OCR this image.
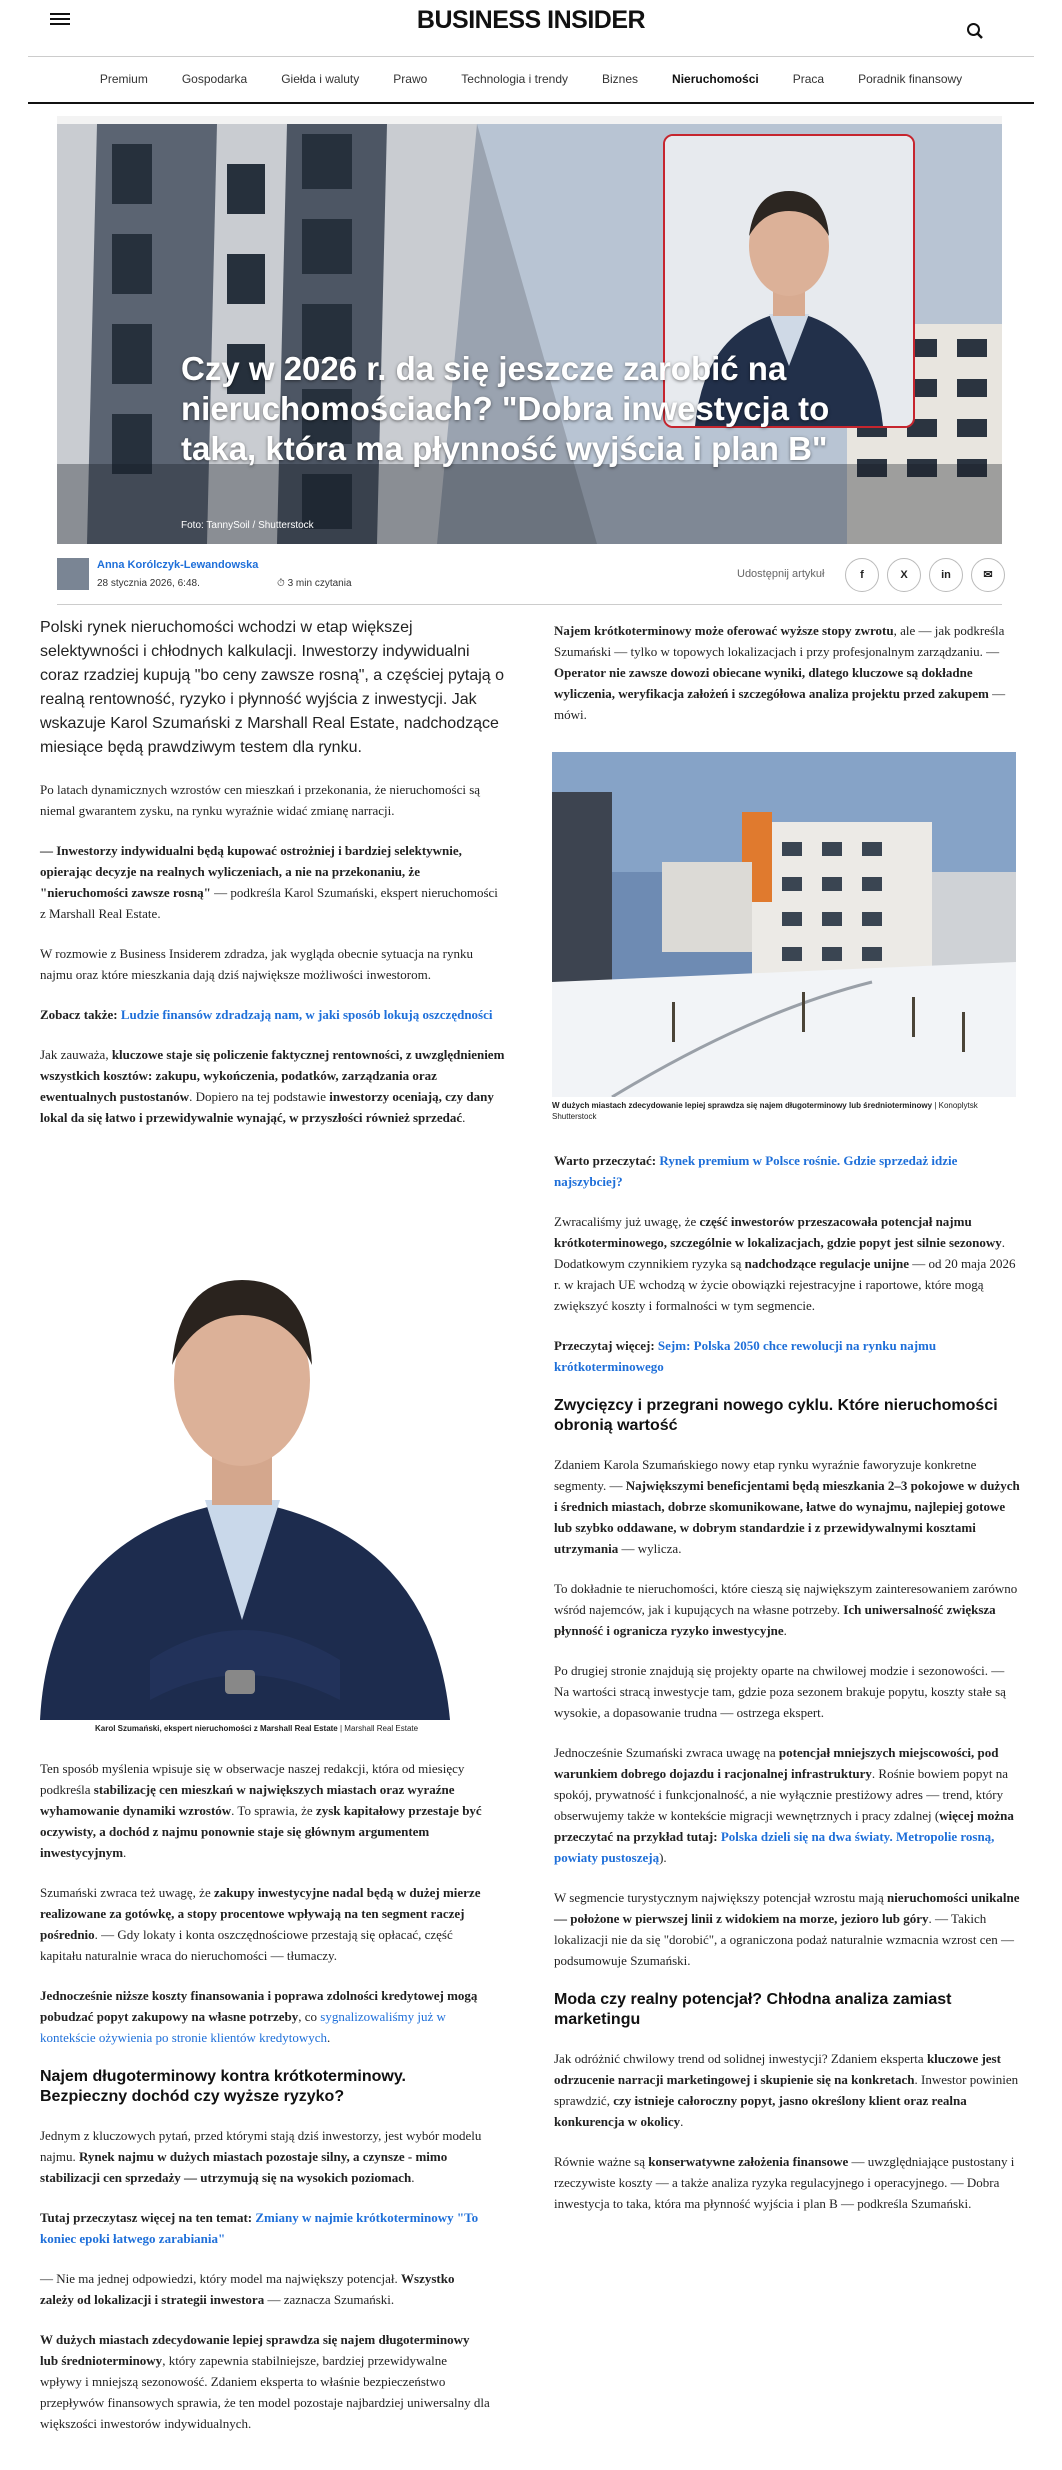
BUSINESS INSIDER
Premium	Gospodarka	Giełda i waluty	Prawo	Technologia i trendy	Biznes	Nieruchomości	Praca	Poradnik finansowy
Czy w 2026 r. da się jeszcze zarobić na nieruchomościach? "Dobra inwestycja to taka, która ma płynność wyjścia i plan B"
Foto: TannySoil / Shutterstock
Anna Korólczyk-Lewandowska
28 stycznia 2026, 6:48.	⏱ 3 min czytania
Udostępnij artykuł	f	X	in	✉

Polski rynek nieruchomości wchodzi w etap większej selektywności i chłodnych kalkulacji. Inwestorzy indywidualni coraz rzadziej kupują "bo ceny zawsze rosną", a częściej pytają o realną rentowność, ryzyko i płynność wyjścia z inwestycji. Jak wskazuje Karol Szumański z Marshall Real Estate, nadchodzące miesiące będą prawdziwym testem dla rynku.

Po latach dynamicznych wzrostów cen mieszkań i przekonania, że nieruchomości są niemal gwarantem zysku, na rynku wyraźnie widać zmianę narracji.

— Inwestorzy indywidualni będą kupować ostrożniej i bardziej selektywnie, opierając decyzje na realnych wyliczeniach, a nie na przekonaniu, że "nieruchomości zawsze rosną" — podkreśla Karol Szumański, ekspert nieruchomości z Marshall Real Estate.

W rozmowie z Business Insiderem zdradza, jak wygląda obecnie sytuacja na rynku najmu oraz które mieszkania dają dziś największe możliwości inwestorom.

Zobacz także: Ludzie finansów zdradzają nam, w jaki sposób lokują oszczędności

Jak zauważa, kluczowe staje się policzenie faktycznej rentowności, z uwzględnieniem wszystkich kosztów: zakupu, wykończenia, podatków, zarządzania oraz ewentualnych pustostanów. Dopiero na tej podstawie inwestorzy oceniają, czy dany lokal da się łatwo i przewidywalnie wynająć, w przyszłości również sprzedać.

Karol Szumański, ekspert nieruchomości z Marshall Real Estate | Marshall Real Estate

Ten sposób myślenia wpisuje się w obserwacje naszej redakcji, która od miesięcy podkreśla stabilizację cen mieszkań w największych miastach oraz wyraźne wyhamowanie dynamiki wzrostów. To sprawia, że zysk kapitałowy przestaje być oczywisty, a dochód z najmu ponownie staje się głównym argumentem inwestycyjnym.

Szumański zwraca też uwagę, że zakupy inwestycyjne nadal będą w dużej mierze realizowane za gotówkę, a stopy procentowe wpływają na ten segment raczej pośrednio. — Gdy lokaty i konta oszczędnościowe przestają się opłacać, część kapitału naturalnie wraca do nieruchomości — tłumaczy.

Jednocześnie niższe koszty finansowania i poprawa zdolności kredytowej mogą pobudzać popyt zakupowy na własne potrzeby, co sygnalizowaliśmy już w kontekście ożywienia po stronie klientów kredytowych.

Najem długoterminowy kontra krótkoterminowy. Bezpieczny dochód czy wyższe ryzyko?

Jednym z kluczowych pytań, przed którymi stają dziś inwestorzy, jest wybór modelu najmu. Rynek najmu w dużych miastach pozostaje silny, a czynsze - mimo stabilizacji cen sprzedaży — utrzymują się na wysokich poziomach.

Tutaj przeczytasz więcej na ten temat: Zmiany w najmie krótkoterminowy "To koniec epoki łatwego zarabiania"

— Nie ma jednej odpowiedzi, który model ma największy potencjał. Wszystko zależy od lokalizacji i strategii inwestora — zaznacza Szumański.

W dużych miastach zdecydowanie lepiej sprawdza się najem długoterminowy lub średnioterminowy, który zapewnia stabilniejsze, bardziej przewidywalne wpływy i mniejszą sezonowość. Zdaniem eksperta to właśnie bezpieczeństwo przepływów finansowych sprawia, że ten model pozostaje najbardziej uniwersalny dla większości inwestorów indywidualnych.

Najem krótkoterminowy może oferować wyższe stopy zwrotu, ale — jak podkreśla Szumański — tylko w topowych lokalizacjach i przy profesjonalnym zarządzaniu. — Operator nie zawsze dowozi obiecane wyniki, dlatego kluczowe są dokładne wyliczenia, weryfikacja założeń i szczegółowa analiza projektu przed zakupem — mówi.

W dużych miastach zdecydowanie lepiej sprawdza się najem długoterminowy lub średnioterminowy | Konoplytsk Shutterstock

Warto przeczytać: Rynek premium w Polsce rośnie. Gdzie sprzedaż idzie najszybciej?

Zwracaliśmy już uwagę, że część inwestorów przeszacowała potencjał najmu krótkoterminowego, szczególnie w lokalizacjach, gdzie popyt jest silnie sezonowy. Dodatkowym czynnikiem ryzyka są nadchodzące regulacje unijne — od 20 maja 2026 r. w krajach UE wchodzą w życie obowiązki rejestracyjne i raportowe, które mogą zwiększyć koszty i formalności w tym segmencie.

Przeczytaj więcej: Sejm: Polska 2050 chce rewolucji na rynku najmu krótkoterminowego

Zwycięzcy i przegrani nowego cyklu. Które nieruchomości obronią wartość

Zdaniem Karola Szumańskiego nowy etap rynku wyraźnie faworyzuje konkretne segmenty. — Największymi beneficjentami będą mieszkania 2–3 pokojowe w dużych i średnich miastach, dobrze skomunikowane, łatwe do wynajmu, najlepiej gotowe lub szybko oddawane, w dobrym standardzie i z przewidywalnymi kosztami utrzymania — wylicza.

To dokładnie te nieruchomości, które cieszą się największym zainteresowaniem zarówno wśród najemców, jak i kupujących na własne potrzeby. Ich uniwersalność zwiększa płynność i ogranicza ryzyko inwestycyjne.

Po drugiej stronie znajdują się projekty oparte na chwilowej modzie i sezonowości. — Na wartości stracą inwestycje tam, gdzie poza sezonem brakuje popytu, koszty stałe są wysokie, a dopasowanie trudna — ostrzega ekspert.

Jednocześnie Szumański zwraca uwagę na potencjał mniejszych miejscowości, pod warunkiem dobrego dojazdu i racjonalnej infrastruktury. Rośnie bowiem popyt na spokój, prywatność i funkcjonalność, a nie wyłącznie prestiżowy adres — trend, który obserwujemy także w kontekście migracji wewnętrznych i pracy zdalnej (więcej można przeczytać na przykład tutaj: Polska dzieli się na dwa światy. Metropolie rosną, powiaty pustoszeją).

W segmencie turystycznym największy potencjał wzrostu mają nieruchomości unikalne — położone w pierwszej linii z widokiem na morze, jezioro lub góry. — Takich lokalizacji nie da się "dorobić", a ograniczona podaż naturalnie wzmacnia wzrost cen — podsumowuje Szumański.

Moda czy realny potencjał? Chłodna analiza zamiast marketingu

Jak odróżnić chwilowy trend od solidnej inwestycji? Zdaniem eksperta kluczowe jest odrzucenie narracji marketingowej i skupienie się na konkretach. Inwestor powinien sprawdzić, czy istnieje całoroczny popyt, jasno określony klient oraz realna konkurencja w okolicy.

Równie ważne są konserwatywne założenia finansowe — uwzględniające pustostany i rzeczywiste koszty — a także analiza ryzyka regulacyjnego i operacyjnego. — Dobra inwestycja to taka, która ma płynność wyjścia i plan B — podkreśla Szumański.
